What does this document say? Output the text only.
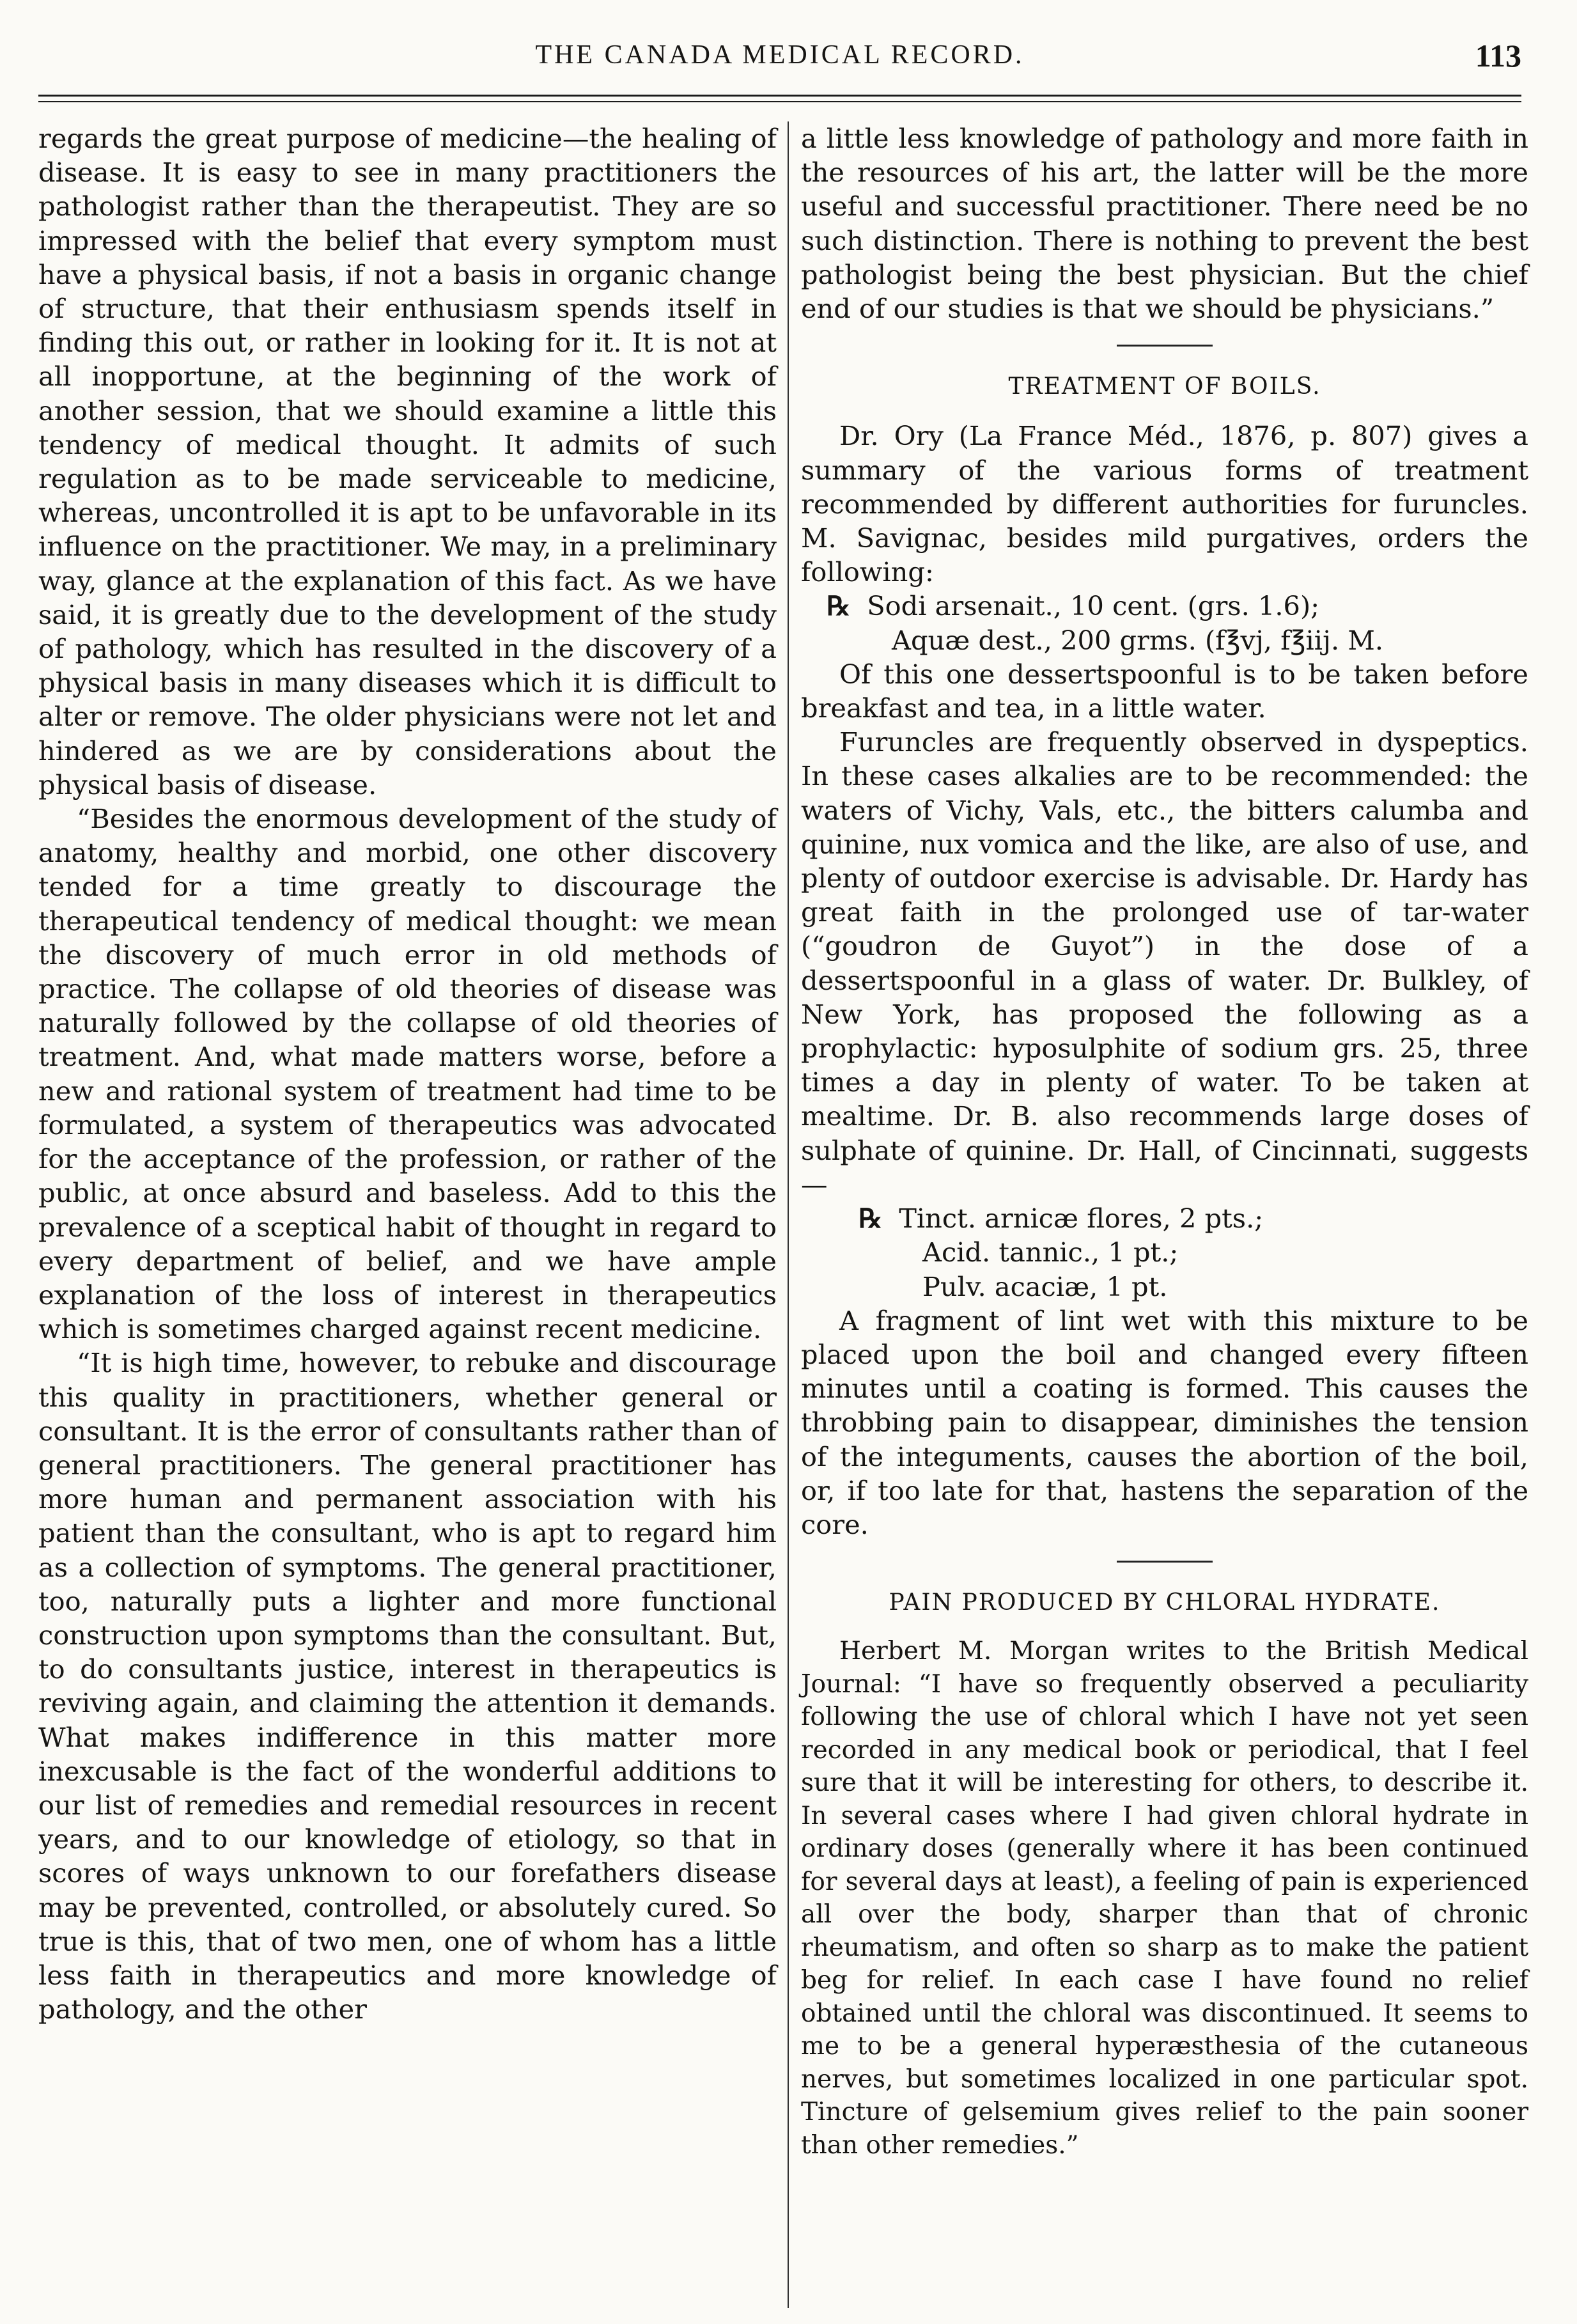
THE CANADA MEDICAL RECORD.	113

regards the great purpose of medicine—the healing of disease. It is easy to see in many practitioners the pathologist rather than the therapeutist. They are so impressed with the belief that every symptom must have a physical basis, if not a basis in organic change of structure, that their enthusiasm spends itself in finding this out, or rather in looking for it. It is not at all inopportune, at the beginning of the work of another session, that we should examine a little this tendency of medical thought. It admits of such regulation as to be made serviceable to medicine, whereas, uncontrolled it is apt to be unfavorable in its influence on the practitioner. We may, in a preliminary way, glance at the explanation of this fact. As we have said, it is greatly due to the development of the study of pathology, which has resulted in the discovery of a physical basis in many diseases which it is difficult to alter or remove. The older physicians were not let and hindered as we are by considerations about the physical basis of disease.

“Besides the enormous development of the study of anatomy, healthy and morbid, one other discovery tended for a time greatly to discourage the therapeutical tendency of medical thought: we mean the discovery of much error in old methods of practice. The collapse of old theories of disease was naturally followed by the collapse of old theories of treatment. And, what made matters worse, before a new and rational system of treatment had time to be formulated, a system of therapeutics was advocated for the acceptance of the profession, or rather of the public, at once absurd and baseless. Add to this the prevalence of a sceptical habit of thought in regard to every department of belief, and we have ample explanation of the loss of interest in therapeutics which is sometimes charged against recent medicine.

“It is high time, however, to rebuke and discourage this quality in practitioners, whether general or consultant. It is the error of consultants rather than of general practitioners. The general practitioner has more human and permanent association with his patient than the consultant, who is apt to regard him as a collection of symptoms. The general practitioner, too, naturally puts a lighter and more functional construction upon symptoms than the consultant. But, to do consultants justice, interest in therapeutics is reviving again, and claiming the attention it demands. What makes indifference in this matter more inexcusable is the fact of the wonderful additions to our list of remedies and remedial resources in recent years, and to our knowledge of etiology, so that in scores of ways unknown to our forefathers disease may be prevented, controlled, or absolutely cured. So true is this, that of two men, one of whom has a little less faith in therapeutics and more knowledge of pathology, and the other

a little less knowledge of pathology and more faith in the resources of his art, the latter will be the more useful and successful practitioner. There need be no such distinction. There is nothing to prevent the best pathologist being the best physician. But the chief end of our studies is that we should be physicians.”

TREATMENT OF BOILS.

Dr. Ory (La France Méd., 1876, p. 807) gives a summary of the various forms of treatment recommended by different authorities for furuncles. M. Savignac, besides mild purgatives, orders the following:

℞ Sodi arsenait., 10 cent. (grs. 1.6);
Aquæ dest., 200 grms. (f℥vj, f℥iij. M.

Of this one dessertspoonful is to be taken before breakfast and tea, in a little water.

Furuncles are frequently observed in dyspeptics. In these cases alkalies are to be recommended: the waters of Vichy, Vals, etc., the bitters calumba and quinine, nux vomica and the like, are also of use, and plenty of outdoor exercise is advisable. Dr. Hardy has great faith in the prolonged use of tar-water (“goudron de Guyot”) in the dose of a dessertspoonful in a glass of water. Dr. Bulkley, of New York, has proposed the following as a prophylactic: hyposulphite of sodium grs. 25, three times a day in plenty of water. To be taken at mealtime. Dr. B. also recommends large doses of sulphate of quinine. Dr. Hall, of Cincinnati, suggests—

℞ Tinct. arnicæ flores, 2 pts.;
Acid. tannic., 1 pt.;
Pulv. acaciæ, 1 pt.

A fragment of lint wet with this mixture to be placed upon the boil and changed every fifteen minutes until a coating is formed. This causes the throbbing pain to disappear, diminishes the tension of the integuments, causes the abortion of the boil, or, if too late for that, hastens the separation of the core.

PAIN PRODUCED BY CHLORAL HYDRATE.

Herbert M. Morgan writes to the British Medical Journal: “I have so frequently observed a peculiarity following the use of chloral which I have not yet seen recorded in any medical book or periodical, that I feel sure that it will be interesting for others, to describe it. In several cases where I had given chloral hydrate in ordinary doses (generally where it has been continued for several days at least), a feeling of pain is experienced all over the body, sharper than that of chronic rheumatism, and often so sharp as to make the patient beg for relief. In each case I have found no relief obtained until the chloral was discontinued. It seems to me to be a general hyperæsthesia of the cutaneous nerves, but sometimes localized in one particular spot. Tincture of gelsemium gives relief to the pain sooner than other remedies.”
